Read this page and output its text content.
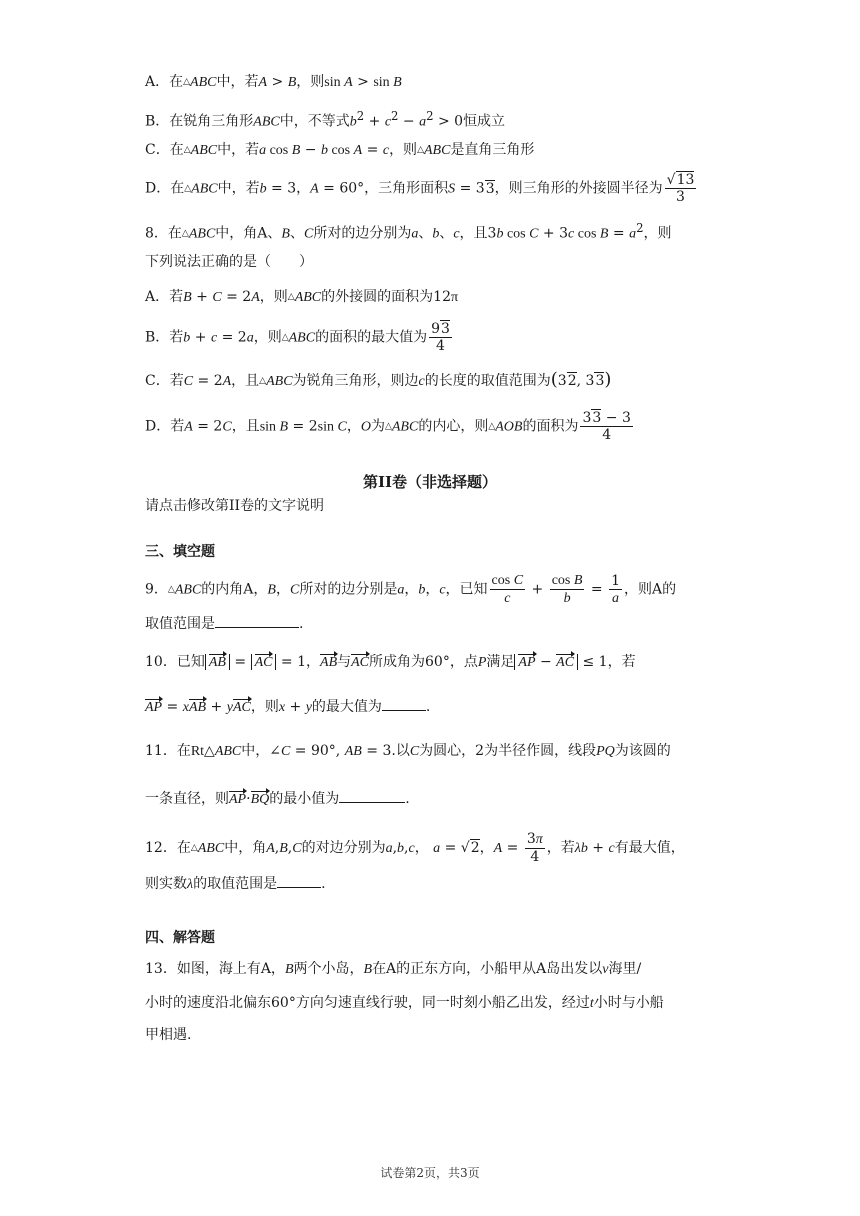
A．在△ABC中，若A > B，则sin A > sin B
B．在锐角三角形ABC中，不等式$b^2 + c^2 - a^2 > 0$恒成立
C．在△ABC中，若a cos B − b cos A = c，则△ABC是直角三角形
D．在△ABC中，若b = 3，A = 60°，三角形面积S = 33，则三角形的外接圆半径为 $\frac{√13}{3}$
8．在△ABC中，角A、B、C所对的边分别为a、b、c，且3b cos C + 3c $\cos B = a^2$，则
下列说法正确的是（　　）
A．若B + C = 2A，则△ABC的外接圆的面积为12π
B．若b + c = 2a，则△ABC的面积的最大值为 $\frac{93}{4}$
C．若C = 2A，且△ABC为锐角三角形，则边c的长度的取值范围为(32, 33)
D．若A = 2C，且sin B = 2sin C，O为△ABC的内心，则△AOB的面积为 $\frac{33 - 3}{4}$
第II卷（非选择题）
请点击修改第II卷的文字说明
三、填空题
9．△ABC的内角A，B，C所对的边分别是a，b，c，已知 $\frac{\text{cos C}}{c} + \frac{\text{cos B}}{b} = \frac{1}{a}$ ，则A的
取值范围是	.
10．已知 AB = AC = 1，AB与AC所成角为60°，点P满足 AP − AC ≤ 1，若
AP = xAB + yAC，则x + y的最大值为	.
11．在Rt△ABC中，∠C = 90°, AB = 3.以C为圆心，2为半径作圆，线段PQ为该圆的
一条直径，则AP·BQ的最小值为	.
12．在△ABC中，角A,B,C的对边分别为a,b,c， a = √2，$A = \frac{3\pi}{4}$ ，若λb + c有最大值，
则实数λ的取值范围是	.
四、解答题
13．如图，海上有A，B两个小岛，B在A的正东方向，小船甲从A岛出发以v海里/
小时的速度沿北偏东60°方向匀速直线行驶，同一时刻小船乙出发，经过t小时与小船
甲相遇.
试卷第2页，共3页
